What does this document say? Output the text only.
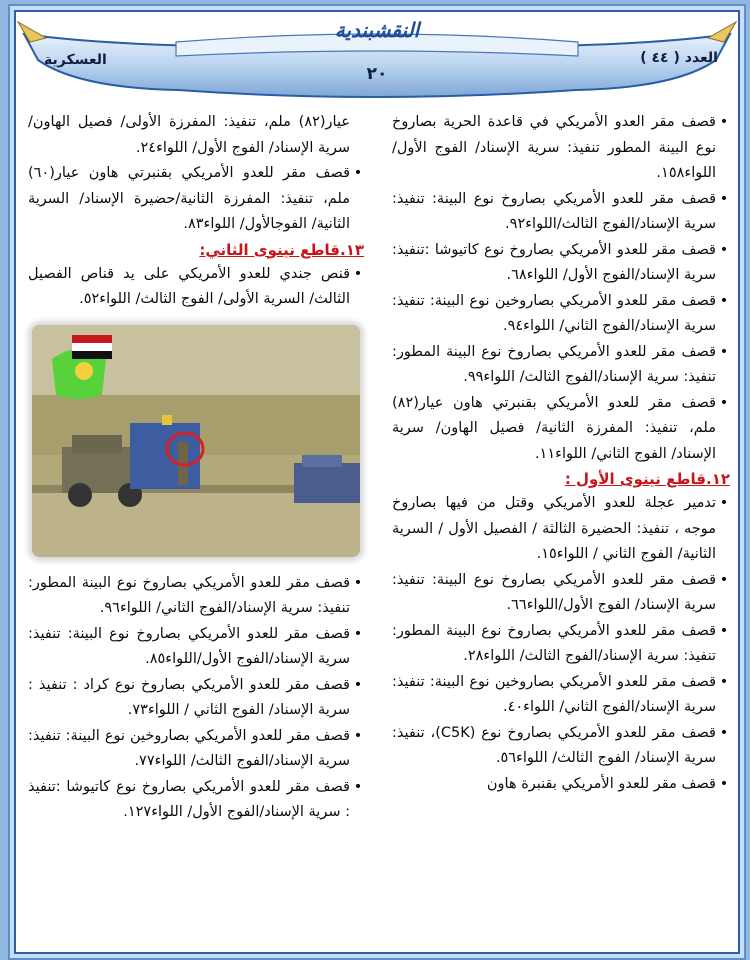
النقشبندية
العدد ( ٤٤ )
العسكرية
٢٠

•
قصف مقر العدو الأمريكي في قاعدة الحرية بصاروخ نوع البينة المطور تنفيذ: سرية الإسناد/ الفوج الأول/اللواء١٥٨.

•
قصف مقر للعدو الأمريكي بصاروخ نوع البينة: تنفيذ: سرية الإسناد/الفوج الثالث/اللواء٩٢.

•
قصف مقر للعدو الأمريكي بصاروخ نوع كاتيوشا :تنفيذ: سرية الإسناد/الفوج الأول/ اللواء٦٨.

•
قصف مقر للعدو الأمريكي بصاروخين نوع البينة: تنفيذ: سرية الإسناد/الفوج الثاني/ اللواء٩٤.

•
قصف مقر للعدو الأمريكي بصاروخ نوع البينة المطور: تنفيذ: سرية الإسناد/الفوج الثالث/ اللواء٩٩.

•
قصف مقر للعدو الأمريكي بقنبرتي هاون عيار(٨٢) ملم، تنفيذ: المفرزة الثانية/ فصيل الهاون/ سرية الإسناد/ الفوج الثاني/ اللواء١١.

١٢.قاطع نينوى الأول :

•
تدمير عجلة للعدو الأمريكي وقتل من فيها بصاروخ موجه ، تنفيذ: الحضيرة الثالثة / الفصيل الأول / السرية الثانية/ الفوج الثاني / اللواء١٥.

•
قصف مقر للعدو الأمريكي بصاروخ نوع البينة: تنفيذ: سرية الإسناد/ الفوج الأول/اللواء٦٦.

•
قصف مقر للعدو الأمريكي بصاروخ نوع البينة المطور: تنفيذ: سرية الإسناد/الفوج الثالث/ اللواء٢٨.

•
قصف مقر للعدو الأمريكي بصاروخين نوع البينة: تنفيذ: سرية الإسناد/الفوج الثاني/ اللواء٤٠.

•
قصف مقر للعدو الأمريكي بصاروخ نوع (C5K)، تنفيذ: سرية الإسناد/ الفوج الثالث/ اللواء٥٦.

•
قصف مقر للعدو الأمريكي بقنبرة هاون

عيار(٨٢) ملم، تنفيذ: المفرزة الأولى/ فصيل الهاون/ سرية الإسناد/ الفوج الأول/ اللواء٢٤.

•
قصف مقر للعدو الأمريكي بقنبرتي هاون عيار(٦٠) ملم، تنفيذ: المفرزة الثانية/حضيرة الإسناد/ السرية الثانية/ الفوجالأول/ اللواء٨٣.

١٣.قاطع نينوى الثاني:

•
قنص جندي للعدو الأمريكي على يد قناص الفصيل الثالث/ السرية الأولى/ الفوج الثالث/ اللواء٥٢.

•
قصف مقر للعدو الأمريكي بصاروخ نوع البينة المطور: تنفيذ: سرية الإسناد/الفوج الثاني/ اللواء٩٦.

•
قصف مقر للعدو الأمريكي بصاروخ نوع البينة: تنفيذ: سرية الإسناد/الفوج الأول/اللواء٨٥.

•
قصف مقر للعدو الأمريكي بصاروخ نوع كراد : تنفيذ : سرية الإسناد/ الفوج الثاني / اللواء٧٣.

•
قصف مقر للعدو الأمريكي بصاروخين نوع البينة: تنفيذ: سرية الإسناد/الفوج الثالث/ اللواء٧٧.

•
قصف مقر للعدو الأمريكي بصاروخ نوع كاتيوشا :تنفيذ : سرية الإسناد/الفوج الأول/ اللواء١٢٧.
